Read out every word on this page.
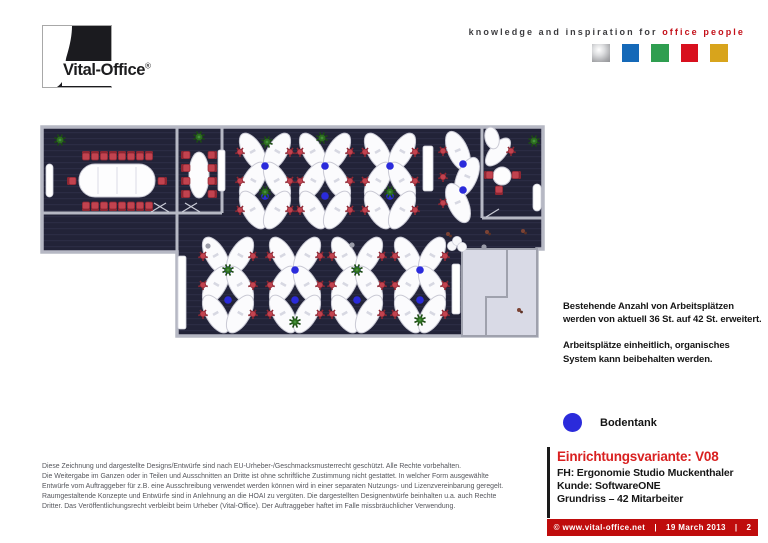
Vital-Office®
knowledge and inspiration for office people

Bestehende Anzahl von Arbeitsplätzen
werden von aktuell 36 St. auf 42 St. erweitert.

Arbeitsplätze einheitlich, organisches
System kann beibehalten werden.

Bodentank

Einrichtungsvariante: V08

FH: Ergonomie Studio Muckenthaler
Kunde: SoftwareONE
Grundriss – 42 Mitarbeiter
© www.vital-office.net | 19 March 2013 | 2
Diese Zeichnung und dargestellte Designs/Entwürfe sind nach EU-Urheber-/Geschmacksmusterrecht geschützt. Alle Rechte vorbehalten.
Die Weitergabe im Ganzen oder in Teilen und Ausschnitten an Dritte ist ohne schriftliche Zustimmung nicht gestattet. In welcher Form ausgewählte
Entwürfe vom Auftraggeber für z.B. eine Ausschreibung verwendet werden können wird in einer separaten Nutzungs- und Lizenzvereinbarung geregelt.
Raumgestaltende Konzepte und Entwürfe sind in Anlehnung an die HOAI zu vergüten. Die dargestellten Designentwürfe beinhalten u.a. auch Rechte
Dritter. Das Veröffentlichungsrecht verbleibt beim Urheber (Vital-Office). Der Auftraggeber haftet im Falle missbräuchlicher Verwendung.
